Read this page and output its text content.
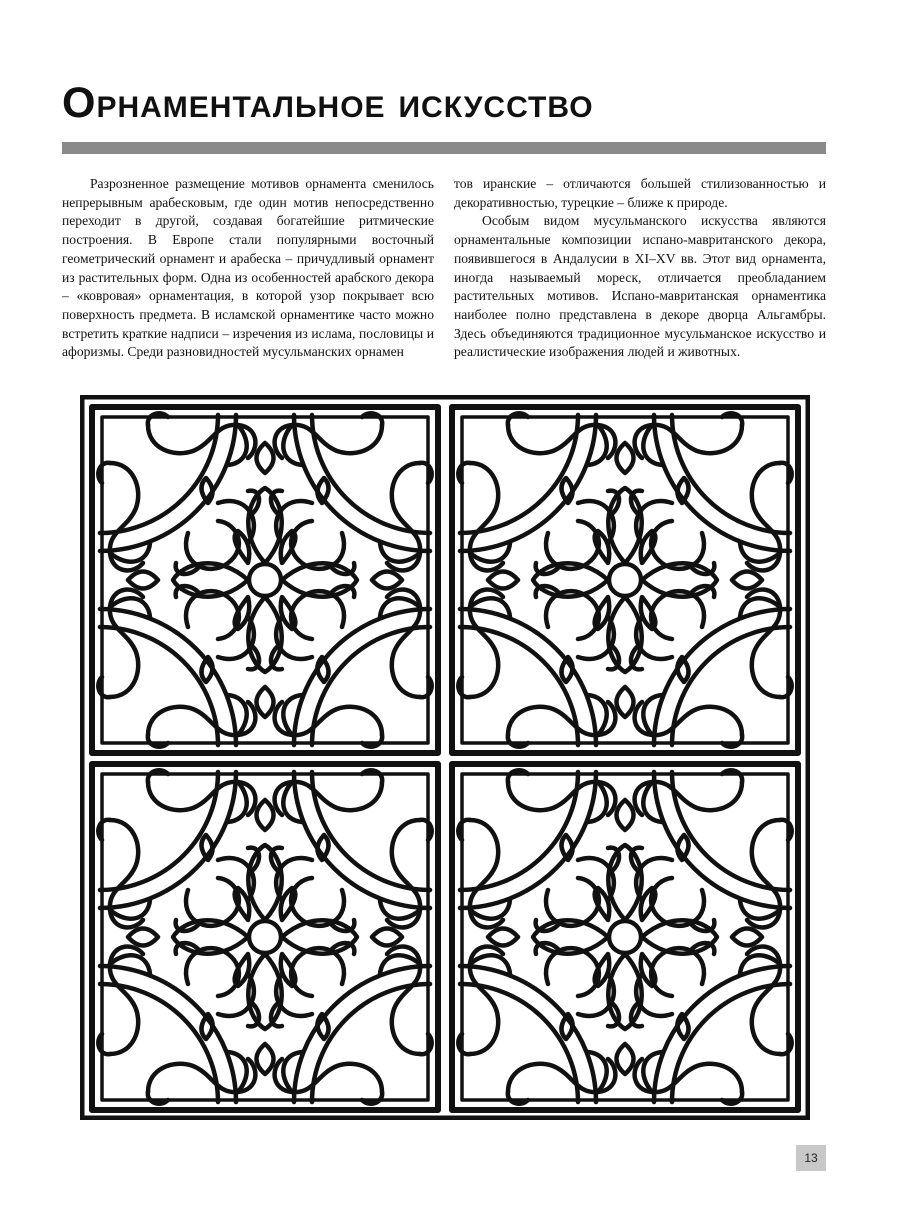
Орнаментальное искусство

Разрозненное размещение мотивов орнамента сменилось непрерывным арабесковым, где один мотив непосредственно переходит в другой, создавая богатейшие ритмические построения. В Европе стали популярными восточный геометрический орнамент и арабеска – причудливый орнамент из растительных форм. Одна из особенностей арабского декора – «ковровая» орнаментация, в которой узор покрывает всю поверхность предмета. В исламской орнаментике часто можно встретить краткие надписи – изречения из ислама, пословицы и афоризмы. Среди разновидностей мусульманских орнамен

тов иранские – отличаются большей стилизованностью и декоративностью, турецкие – ближе к природе.

Особым видом мусульманского искусства являются орнаментальные композиции испано-мавританского декора, появившегося в Андалусии в XI–XV вв. Этот вид орнамента, иногда называемый мореск, отличается преобладанием растительных мотивов. Испано-мавританская орнаментика наиболее полно представлена в декоре дворца Альгамбры. Здесь объединяются традиционное мусульманское искусство и реалистические изображения людей и животных.

13
